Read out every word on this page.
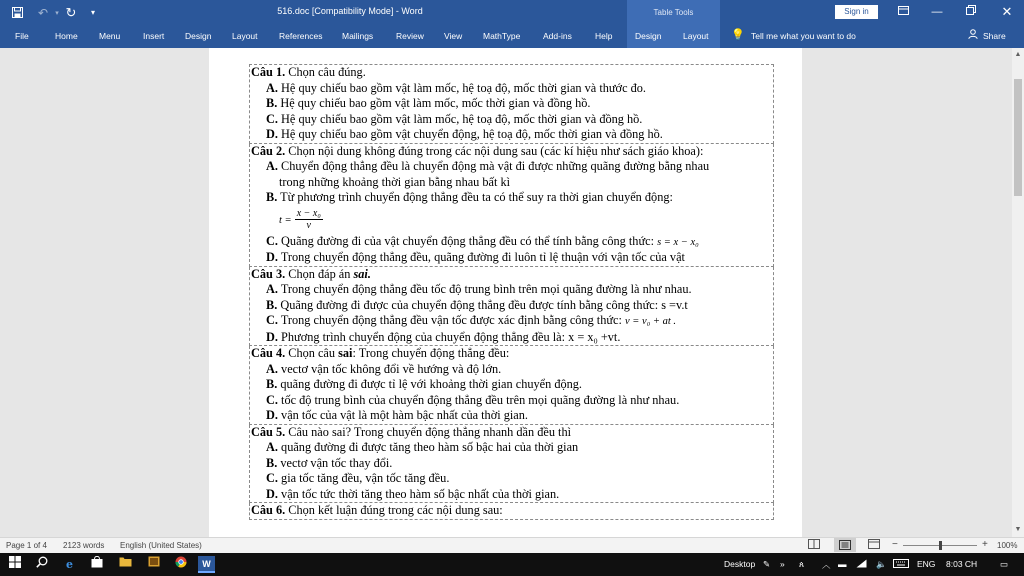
↶	▾ ↻	▾	516.doc [Compatibility Mode] - Word	Table Tools	Sign in	—	✕
File	Home	Menu	Insert Design Layout	References Mailings	Review View MathType	Add-ins	Help	Design	Layout 💡 Tell me what you want to do	Share
Câu 1. Chọn câu đúng.
A. Hệ quy chiếu bao gồm vật làm mốc, hệ toạ độ, mốc thời gian và thước đo.
B. Hệ quy chiếu bao gồm vật làm mốc, mốc thời gian và đồng hồ.
C. Hệ quy chiếu bao gồm vật làm mốc, hệ toạ độ, mốc thời gian và đồng hồ.
D. Hệ quy chiếu bao gồm vật chuyển động, hệ toạ độ, mốc thời gian và đồng hồ.
Câu 2. Chọn nội dung không đúng trong các nội dung sau (các kí hiệu như sách giáo khoa):
A. Chuyển động thẳng đều là chuyển động mà vật đi được những quãng đường bằng nhau
trong những khoảng thời gian bằng nhau bất kì
B. Từ phương trình chuyển động thẳng đều ta có thể suy ra thời gian chuyển động:
$t = \frac{\text{x − x₀}}{v}$
C. Quãng đường đi của vật chuyển động thẳng đều có thể tính bằng công thức: s = x − x₀
D. Trong chuyển động thẳng đều, quãng đường đi luôn tỉ lệ thuận với vận tốc của vật
Câu 3. Chọn đáp án sai.
A. Trong chuyển động thẳng đều tốc độ trung bình trên mọi quãng đường là như nhau.
B. Quãng đường đi được của chuyển động thẳng đều được tính bằng công thức: s =v.t
C. Trong chuyển động thẳng đều vận tốc được xác định bằng công thức: v = v₀ + at .
D. Phương trình chuyển động của chuyển động thẳng đều là: x = x₀ +vt.
Câu 4. Chọn câu sai: Trong chuyển động thẳng đều:
A. vectơ vận tốc không đổi về hướng và độ lớn.
B. quãng đường đi được tỉ lệ với khoảng thời gian chuyển động.
C. tốc độ trung bình của chuyển động thẳng đều trên mọi quãng đường là như nhau.
D. vận tốc của vật là một hàm bậc nhất của thời gian.
Câu 5. Câu nào sai? Trong chuyển động thẳng nhanh dần đều thì
A. quãng đường đi được tăng theo hàm số bậc hai của thời gian
B. vectơ vận tốc thay đổi.
C. gia tốc tăng đều, vận tốc tăng đều.
D. vận tốc tức thời tăng theo hàm số bậc nhất của thời gian.
Câu 6. Chọn kết luận đúng trong các nội dung sau:
▲
▼
Page 1 of 4 2123 words English (United States)	−	+ 100%
e	W	Desktop ✎ » ጰ ︿ ▬	🔈	ENG 8:03 CH	▭
